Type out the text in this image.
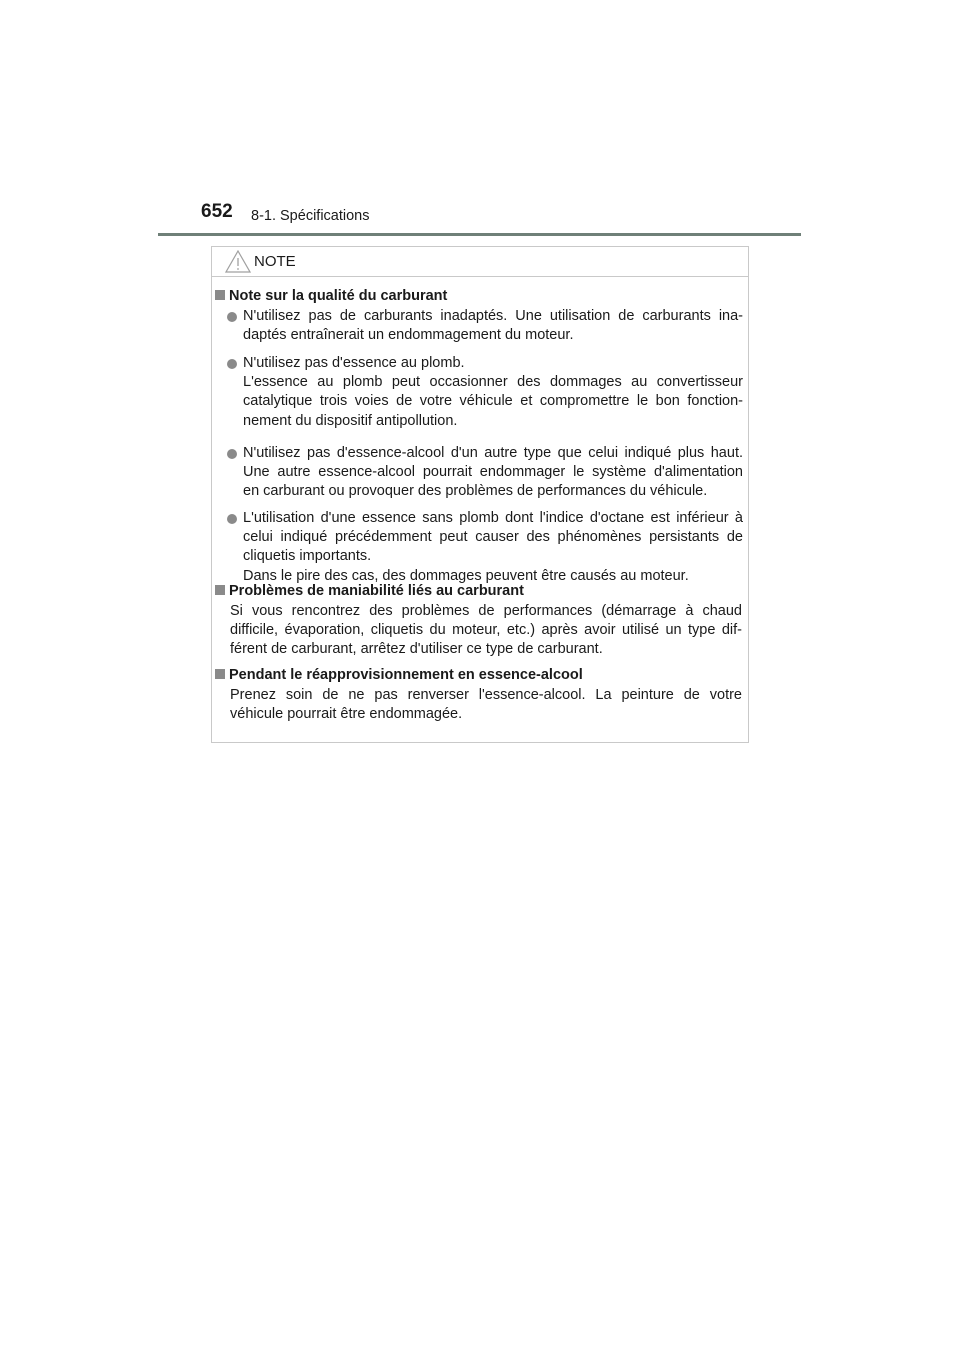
652 8-1. Spécifications
NOTE
Note sur la qualité du carburant
N'utilisez pas de carburants inadaptés. Une utilisation de carburants ina-
daptés entraînerait un endommagement du moteur.
N'utilisez pas d'essence au plomb.
L'essence au plomb peut occasionner des dommages au convertisseur
catalytique trois voies de votre véhicule et compromettre le bon fonction-
nement du dispositif antipollution.
N'utilisez pas d'essence-alcool d'un autre type que celui indiqué plus haut.
Une autre essence-alcool pourrait endommager le système d'alimentation
en carburant ou provoquer des problèmes de performances du véhicule.
L'utilisation d'une essence sans plomb dont l'indice d'octane est inférieur à
celui indiqué précédemment peut causer des phénomènes persistants de
cliquetis importants.
Dans le pire des cas, des dommages peuvent être causés au moteur.
Problèmes de maniabilité liés au carburant
Si vous rencontrez des problèmes de performances (démarrage à chaud
difficile, évaporation, cliquetis du moteur, etc.) après avoir utilisé un type dif-
férent de carburant, arrêtez d'utiliser ce type de carburant.
Pendant le réapprovisionnement en essence-alcool
Prenez soin de ne pas renverser l'essence-alcool. La peinture de votre
véhicule pourrait être endommagée.
